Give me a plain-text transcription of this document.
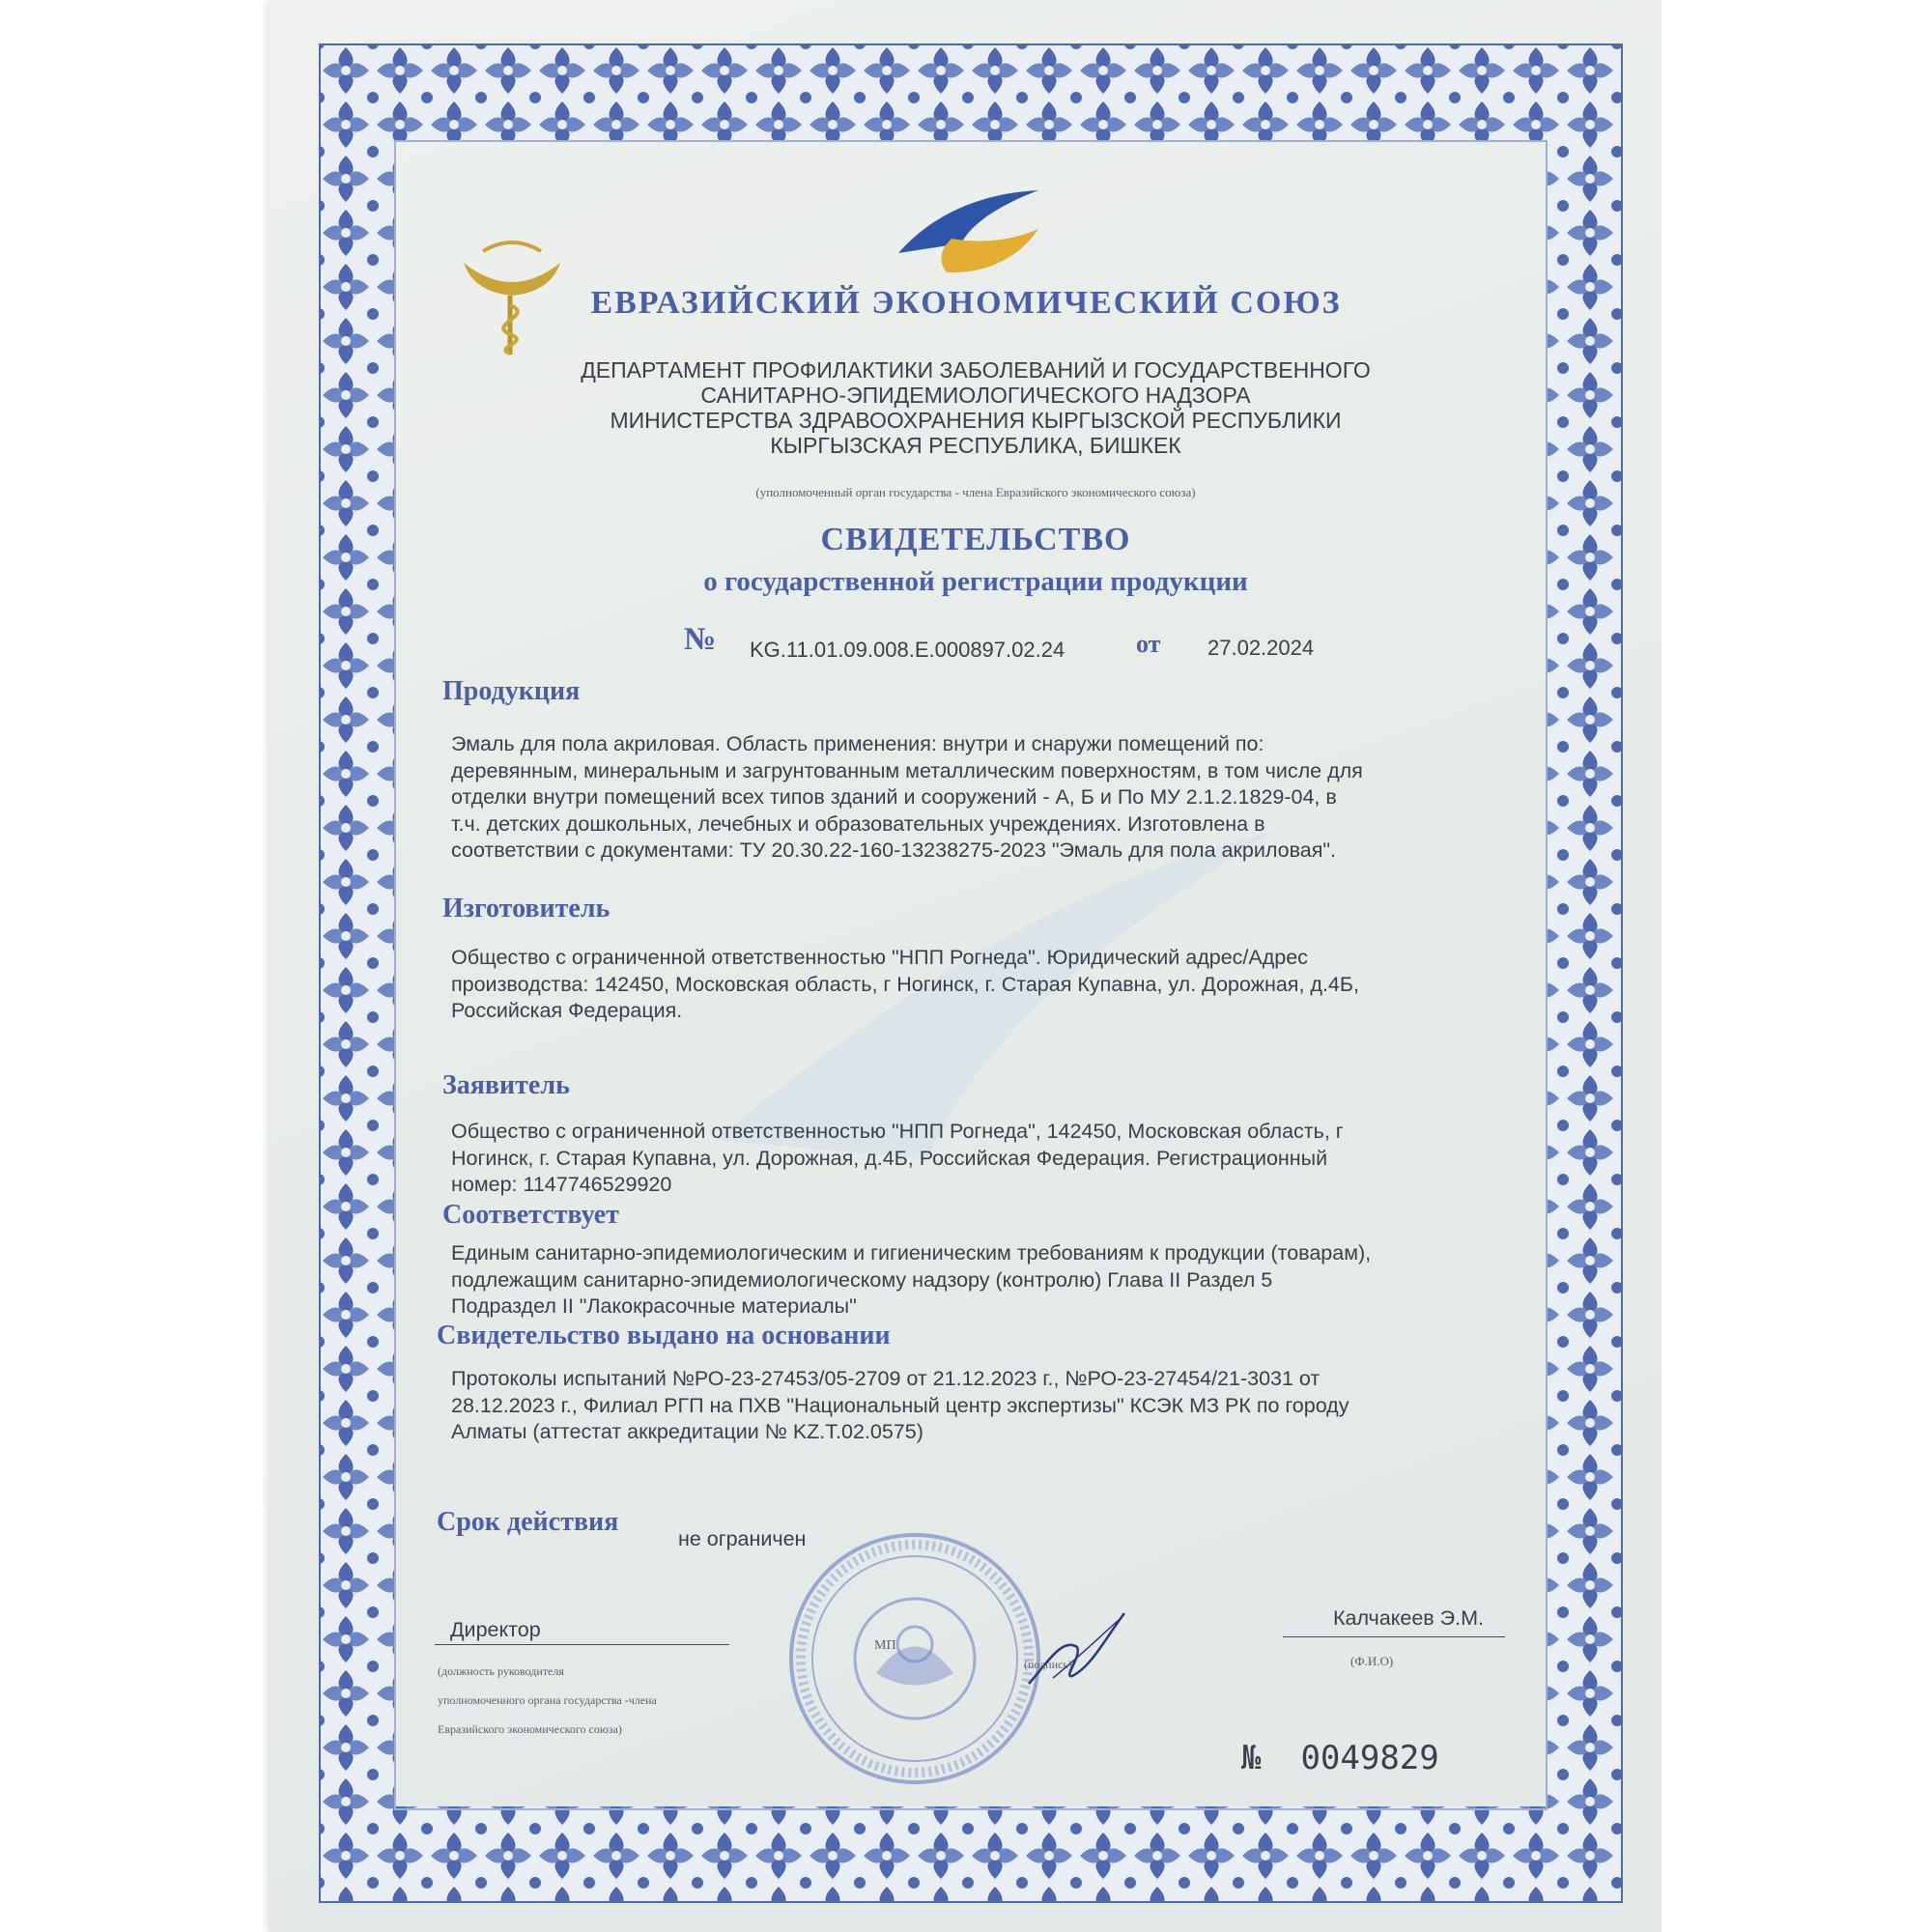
ЕВРАЗИЙСКИЙ ЭКОНОМИЧЕСКИЙ СОЮЗ
ДЕПАРТАМЕНТ ПРОФИЛАКТИКИ ЗАБОЛЕВАНИЙ И ГОСУДАРСТВЕННОГО
САНИТАРНО-ЭПИДЕМИОЛОГИЧЕСКОГО НАДЗОРА
МИНИСТЕРСТВА ЗДРАВООХРАНЕНИЯ КЫРГЫЗСКОЙ РЕСПУБЛИКИ
КЫРГЫЗСКАЯ РЕСПУБЛИКА, БИШКЕК
(уполномоченный орган государства - члена Евразийского экономического союза)
СВИДЕТЕЛЬСТВО
о государственной регистрации продукции
№ KG.11.01.09.008.Е.000897.02.24	от 27.02.2024
Продукция
Эмаль для пола акриловая. Область применения: внутри и снаружи помещений по:
деревянным, минеральным и загрунтованным металлическим поверхностям, в том числе для
отделки внутри помещений всех типов зданий и сооружений - А, Б и По МУ 2.1.2.1829-04, в
т.ч. детских дошкольных, лечебных и образовательных учреждениях. Изготовлена в
соответствии с документами: ТУ 20.30.22-160-13238275-2023 "Эмаль для пола акриловая".
Изготовитель
Общество с ограниченной ответственностью "НПП Рогнеда". Юридический адрес/Адрес
производства: 142450, Московская область, г Ногинск, г. Старая Купавна, ул. Дорожная, д.4Б,
Российская Федерация.
Заявитель
Общество с ограниченной ответственностью "НПП Рогнеда", 142450, Московская область, г
Ногинск, г. Старая Купавна, ул. Дорожная, д.4Б, Российская Федерация. Регистрационный
номер: 1147746529920
Соответствует
Единым санитарно-эпидемиологическим и гигиеническим требованиям к продукции (товарам),
подлежащим санитарно-эпидемиологическому надзору (контролю) Глава II Раздел 5
Подраздел II "Лакокрасочные материалы"
Свидетельство выдано на основании
Протоколы испытаний №РО-23-27453/05-2709 от 21.12.2023 г., №РО-23-27454/21-3031 от
28.12.2023 г., Филиал РГП на ПХВ "Национальный центр экспертизы" КСЭК МЗ РК по городу
Алматы (аттестат аккредитации № KZ.T.02.0575)
Срок действия
не ограничен
Директор
(должность руководителя
уполномоченного органа государства -члена
Евразийского экономического союза)
МП
(подпись)
Калчакеев Э.М.
(Ф.И.О)
№ 0049829
